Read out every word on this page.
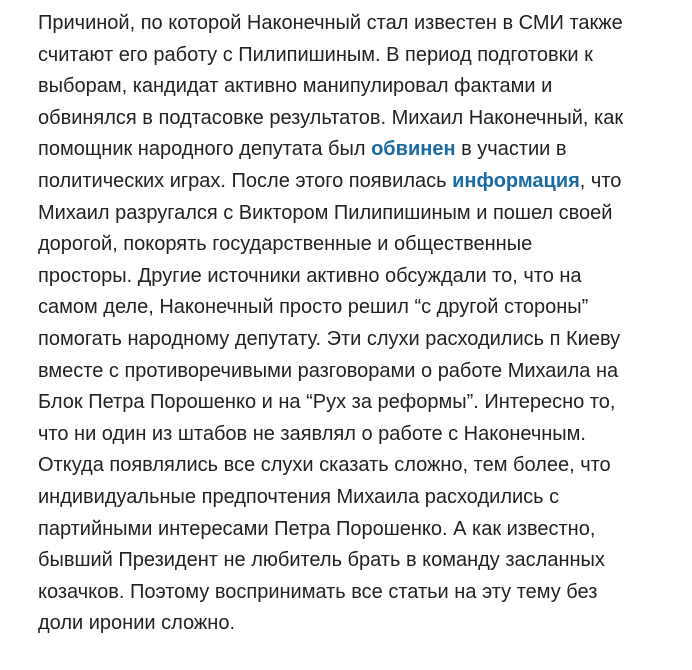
Причиной, по которой Наконечный стал известен в СМИ также
считают его работу с Пилипишиным. В период подготовки к
выборам, кандидат активно манипулировал фактами и
обвинялся в подтасовке результатов. Михаил Наконечный, как
помощник народного депутата был обвинен в участии в
политических играх. После этого появилась информация, что
Михаил разругался с Виктором Пилипишиным и пошел своей
дорогой, покорять государственные и общественные
просторы. Другие источники активно обсуждали то, что на
самом деле, Наконечный просто решил “с другой стороны”
помогать народному депутату. Эти слухи расходились п Киеву
вместе с противоречивыми разговорами о работе Михаила на
Блок Петра Порошенко и на “Рух за реформы”. Интересно то,
что ни один из штабов не заявлял о работе с Наконечным.
Откуда появлялись все слухи сказать сложно, тем более, что
индивидуальные предпочтения Михаила расходились с
партийными интересами Петра Порошенко. А как известно,
бывший Президент не любитель брать в команду засланных
козачков. Поэтому воспринимать все статьи на эту тему без
доли иронии сложно.
